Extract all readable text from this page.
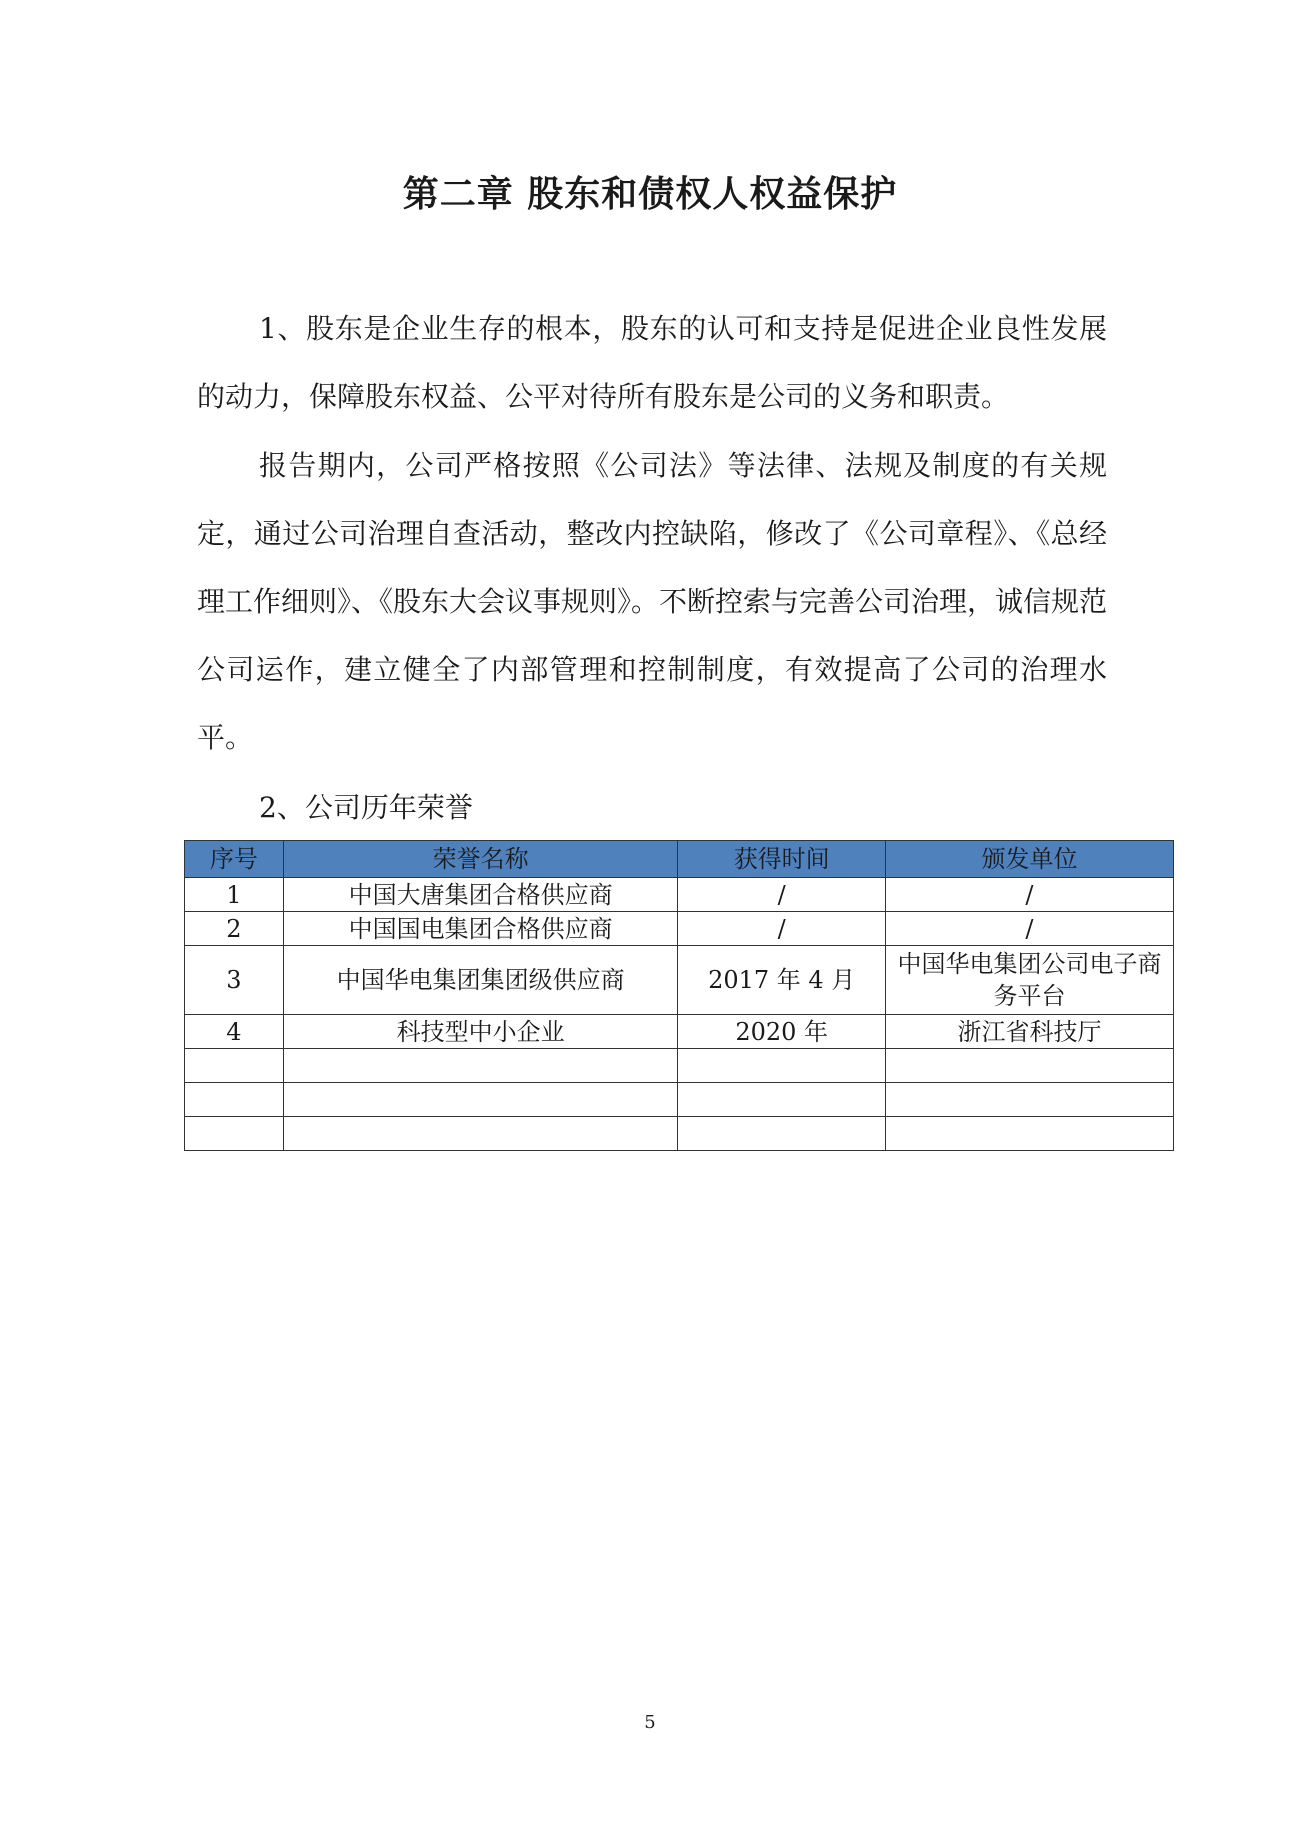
第二章 股东和债权人权益保护

1、股东是企业生存的根本，股东的认可和支持是促进企业良性发展的动力，保障股东权益、公平对待所有股东是公司的义务和职责。

报告期内，公司严格按照《公司法》等法律、法规及制度的有关规定，通过公司治理自查活动，整改内控缺陷，修改了《公司章程》、《总经理工作细则》、《股东大会议事规则》。不断控索与完善公司治理，诚信规范公司运作，建立健全了内部管理和控制制度，有效提高了公司的治理水平。

2、公司历年荣誉

序号	荣誉名称	获得时间	颁发单位
1	中国大唐集团合格供应商	/	/
2	中国国电集团合格供应商	/	/
3	中国华电集团集团级供应商	2017 年 4 月	中国华电集团公司电子商务平台
4	科技型中小企业	2020 年	浙江省科技厅

5
